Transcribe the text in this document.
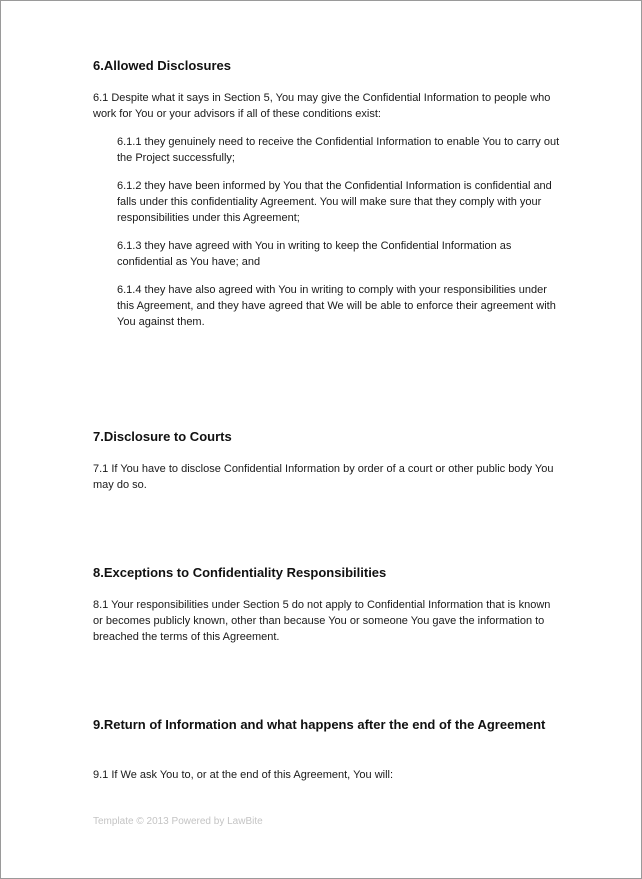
6.Allowed Disclosures

6.1 Despite what it says in Section 5, You may give the Confidential Information to people who work for You or your advisors if all of these conditions exist:

6.1.1 they genuinely need to receive the Confidential Information to enable You to carry out the Project successfully;

6.1.2 they have been informed by You that the Confidential Information is confidential and falls under this confidentiality Agreement. You will make sure that they comply with your responsibilities under this Agreement;

6.1.3 they have agreed with You in writing to keep the Confidential Information as confidential as You have; and

6.1.4 they have also agreed with You in writing to comply with your responsibilities under this Agreement, and they have agreed that We will be able to enforce their agreement with You against them.

7.Disclosure to Courts

7.1 If You have to disclose Confidential Information by order of a court or other public body You may do so.

8.Exceptions to Confidentiality Responsibilities

8.1 Your responsibilities under Section 5 do not apply to Confidential Information that is known or becomes publicly known, other than because You or someone You gave the information to breached the terms of this Agreement.

9.Return of Information and what happens after the end of the Agreement

9.1 If We ask You to, or at the end of this Agreement, You will:

Template © 2013 Powered by LawBite
